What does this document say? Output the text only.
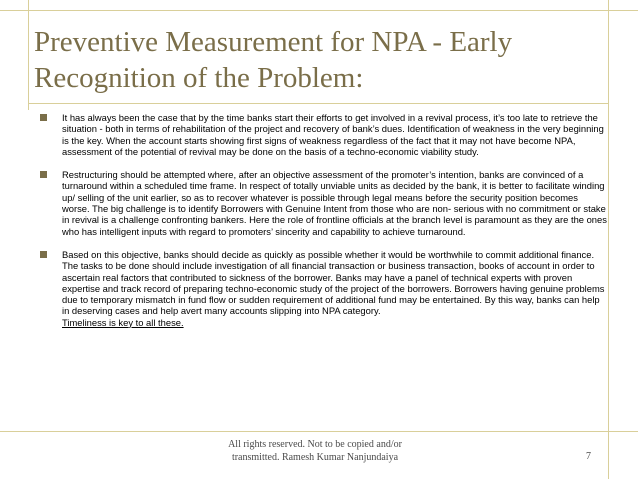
Preventive Measurement for NPA - Early
Recognition of the Problem:

It has always been the case that by the time banks start their efforts to get involved in a revival process, it’s too late to retrieve the situation - both in terms of rehabilitation of the project and recovery of bank’s dues. Identification of weakness in the very beginning is the key. When the account starts showing first signs of weakness regardless of the fact that it may not have become NPA, assessment of the potential of revival may be done on the basis of a techno-economic viability study.

Restructuring should be attempted where, after an objective assessment of the promoter’s intention, banks are convinced of a turnaround within a scheduled time frame. In respect of totally unviable units as decided by the bank, it is better to facilitate winding up/ selling of the unit earlier, so as to recover whatever is possible through legal means before the security position becomes worse. The big challenge is to identify Borrowers with Genuine Intent from those who are non- serious with no commitment or stake in revival is a challenge confronting bankers. Here the role of frontline officials at the branch level is paramount as they are the ones who has intelligent inputs with regard to promoters’ sincerity and capability to achieve turnaround.

Based on this objective, banks should decide as quickly as possible whether it would be worthwhile to commit additional finance. The tasks to be done should include investigation of all financial transaction or business transaction, books of account in order to ascertain real factors that contributed to sickness of the borrower. Banks may have a panel of technical experts with proven expertise and track record of preparing techno-economic study of the project of the borrowers. Borrowers having genuine problems due to temporary mismatch in fund flow or sudden requirement of additional fund may be entertained. By this way, banks can help in deserving cases and help avert many accounts slipping into NPA category.
Timeliness is key to all these.

All rights reserved. Not to be copied and/or
transmitted. Ramesh Kumar Nanjundaiya	7
